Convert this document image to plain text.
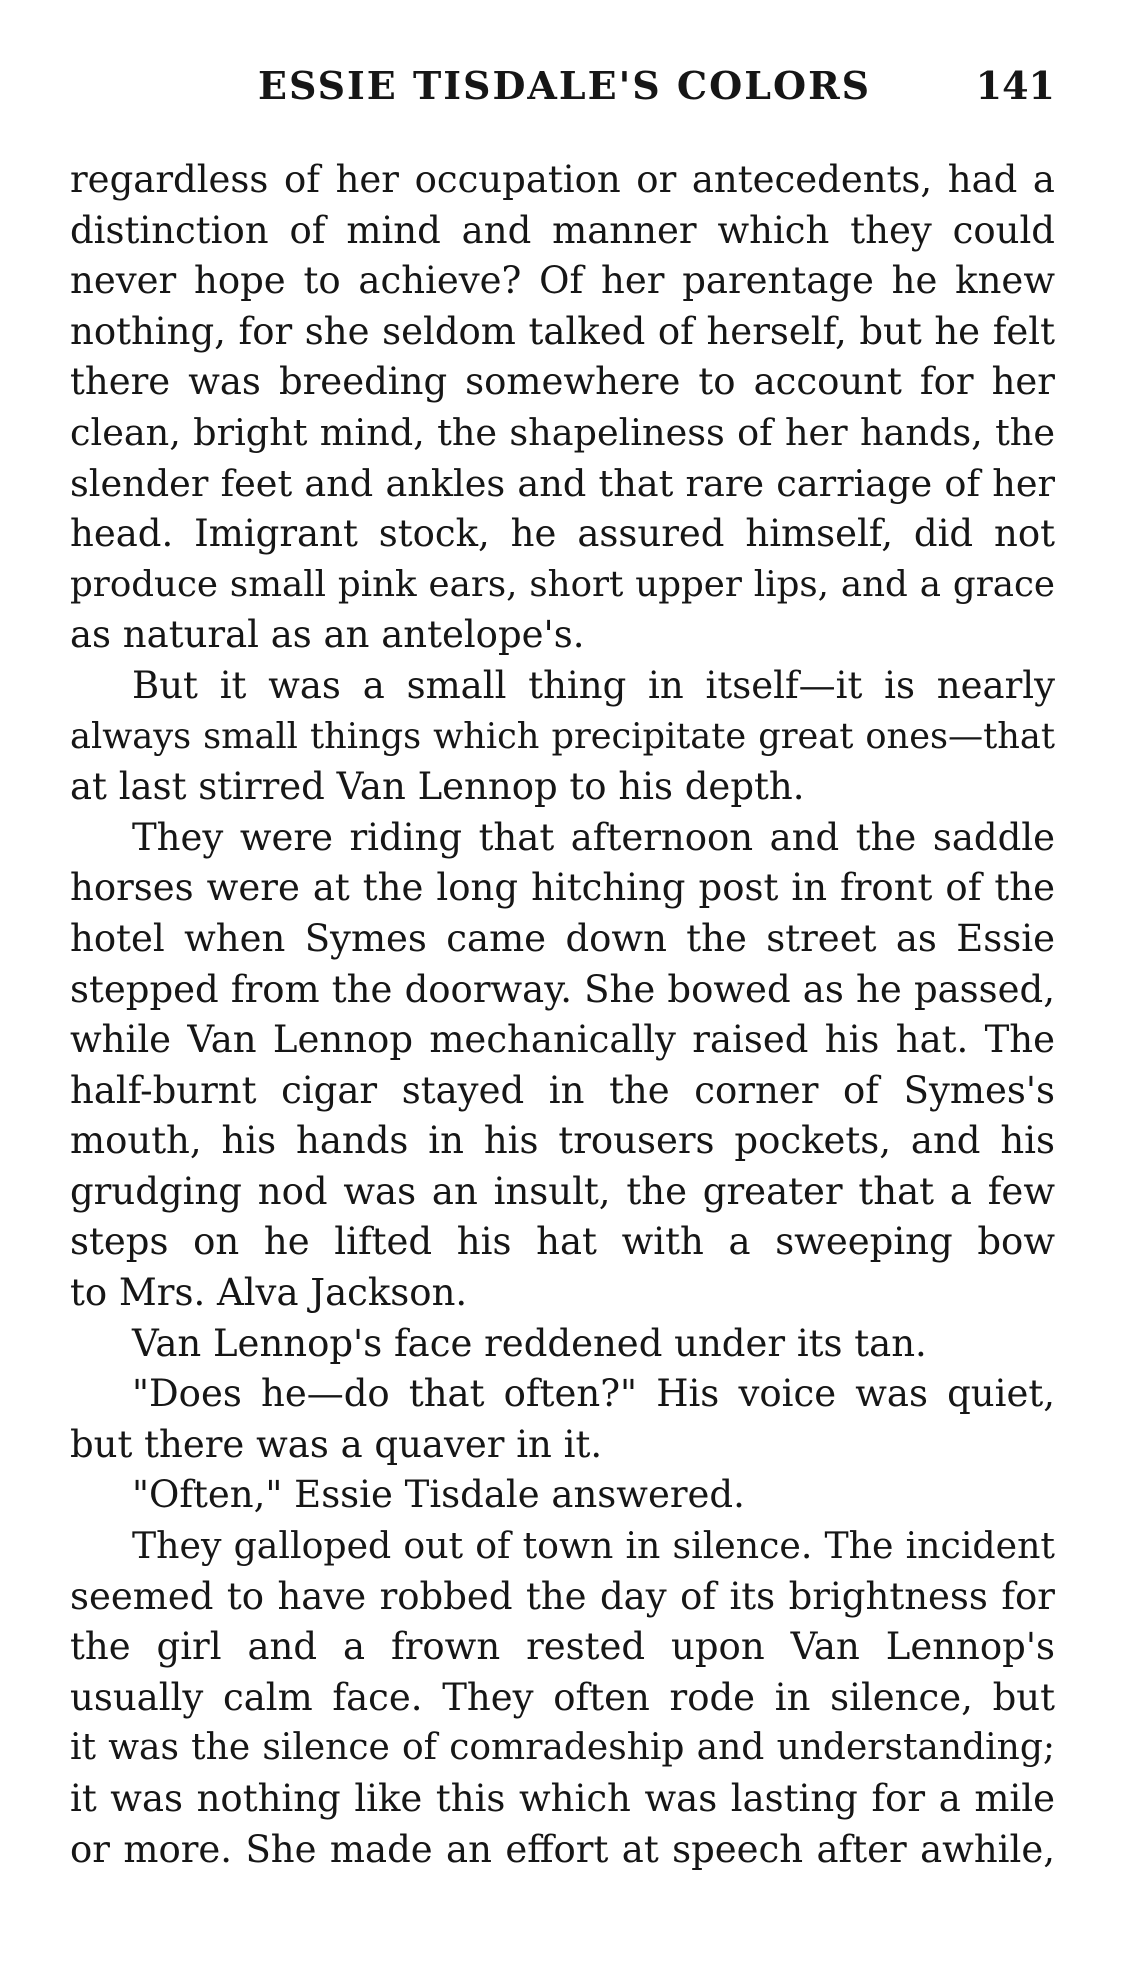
ESSIE TISDALE'S COLORS	141
regardless of her occupation or antecedents, had a
distinction of mind and manner which they could
never hope to achieve? Of her parentage he knew
nothing, for she seldom talked of herself, but he felt
there was breeding somewhere to account for her
clean, bright mind, the shapeliness of her hands, the
slender feet and ankles and that rare carriage of her
head. Imigrant stock, he assured himself, did not
produce small pink ears, short upper lips, and a grace
as natural as an antelope's.
But it was a small thing in itself—it is nearly
always small things which precipitate great ones—that
at last stirred Van Lennop to his depth.
They were riding that afternoon and the saddle
horses were at the long hitching post in front of the
hotel when Symes came down the street as Essie
stepped from the doorway. She bowed as he passed,
while Van Lennop mechanically raised his hat. The
half-burnt cigar stayed in the corner of Symes's
mouth, his hands in his trousers pockets, and his
grudging nod was an insult, the greater that a few
steps on he lifted his hat with a sweeping bow
to Mrs. Alva Jackson.
Van Lennop's face reddened under its tan.
"Does he—do that often?" His voice was quiet,
but there was a quaver in it.
"Often," Essie Tisdale answered.
They galloped out of town in silence. The incident
seemed to have robbed the day of its brightness for
the girl and a frown rested upon Van Lennop's
usually calm face. They often rode in silence, but
it was the silence of comradeship and understanding;
it was nothing like this which was lasting for a mile
or more. She made an effort at speech after awhile,
